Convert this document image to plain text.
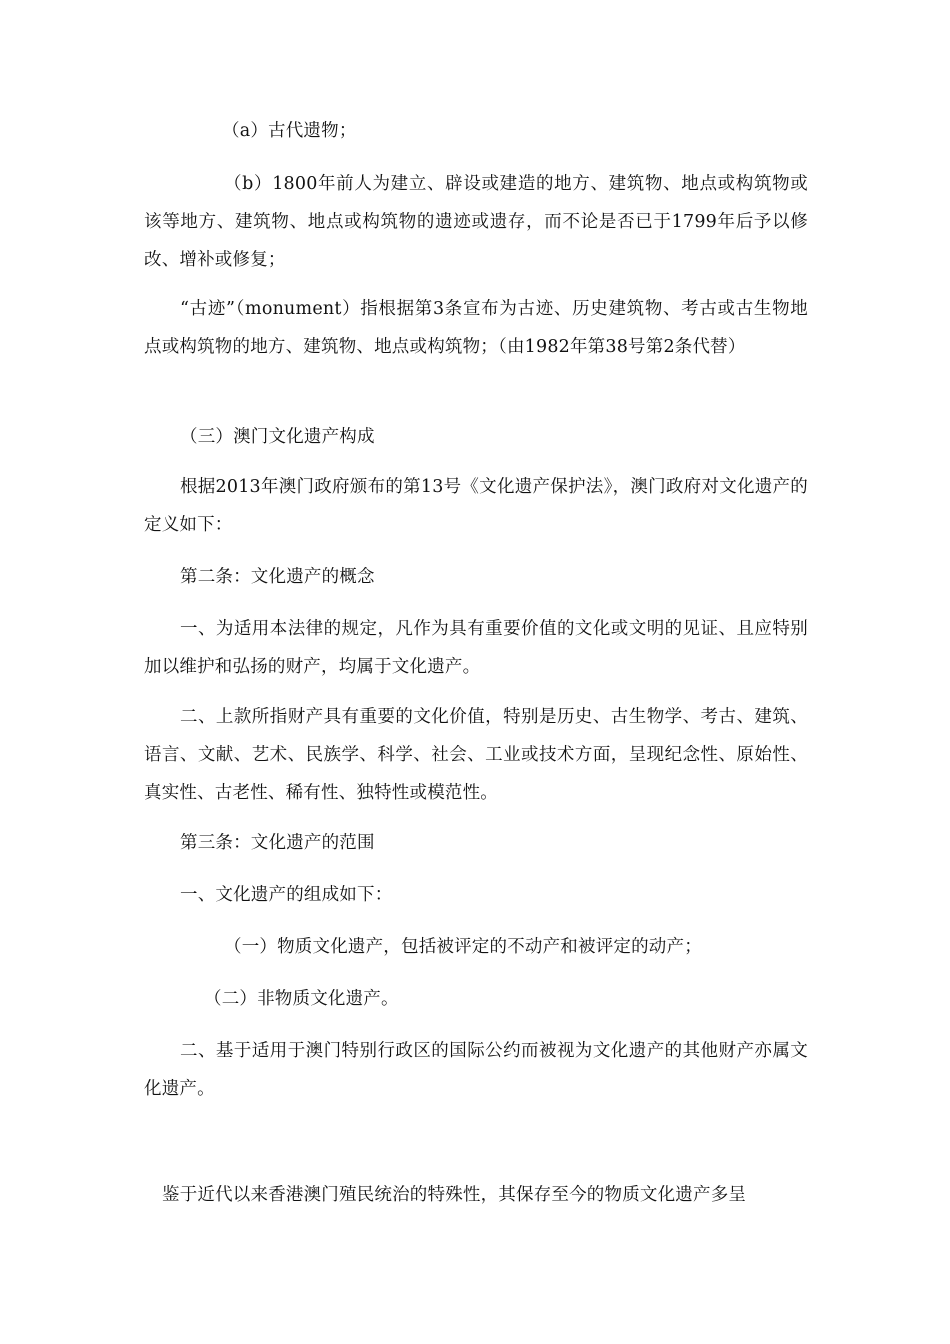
（a）古代遗物；

（b）1800年前人为建立、辟设或建造的地方、建筑物、地点或构筑物或该等地方、建筑物、地点或构筑物的遗迹或遗存，而不论是否已于1799年后予以修改、增补或修复；

“古迹”（monument）指根据第3条宣布为古迹、历史建筑物、考古或古生物地点或构筑物的地方、建筑物、地点或构筑物；（由1982年第38号第2条代替）

（三）澳门文化遗产构成

根据2013年澳门政府颁布的第13号《文化遗产保护法》，澳门政府对文化遗产的定义如下：

第二条：文化遗产的概念

一、为适用本法律的规定，凡作为具有重要价值的文化或文明的见证、且应特别加以维护和弘扬的财产，均属于文化遗产。

二、上款所指财产具有重要的文化价值，特别是历史、古生物学、考古、建筑、语言、文献、艺术、民族学、科学、社会、工业或技术方面，呈现纪念性、原始性、真实性、古老性、稀有性、独特性或模范性。

第三条：文化遗产的范围

一、文化遗产的组成如下：

（一）物质文化遗产，包括被评定的不动产和被评定的动产；

（二）非物质文化遗产。

二、基于适用于澳门特别行政区的国际公约而被视为文化遗产的其他财产亦属文化遗产。

鉴于近代以来香港澳门殖民统治的特殊性，其保存至今的物质文化遗产多呈
